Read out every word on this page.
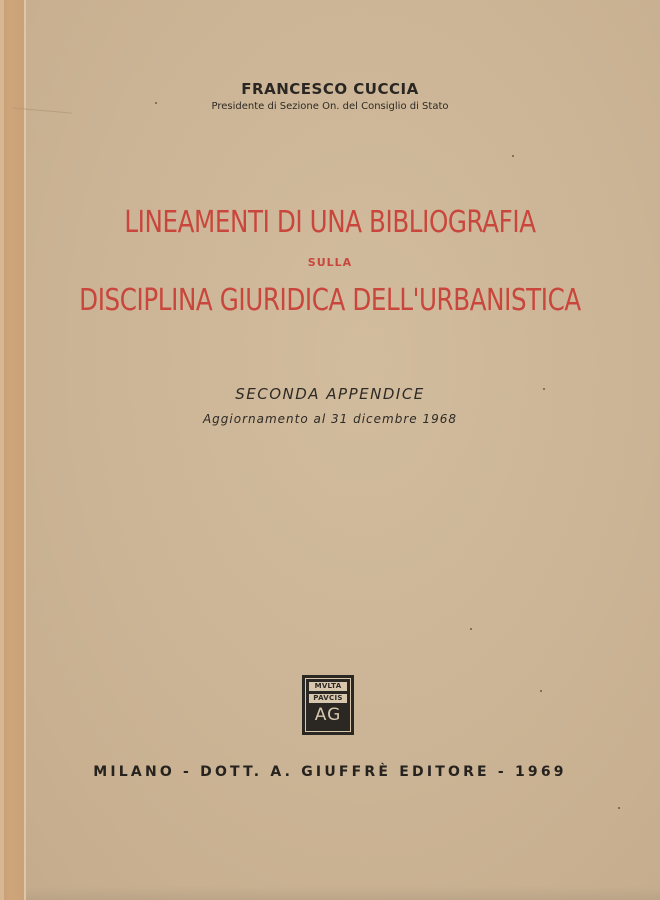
FRANCESCO CUCCIA
Presidente di Sezione On. del Consiglio di Stato
LINEAMENTI DI UNA BIBLIOGRAFIA
SULLA
DISCIPLINA GIURIDICA DELL'URBANISTICA
SECONDA APPENDICE
Aggiornamento al 31 dicembre 1968
MVLTA
PAVCIS
AG
MILANO - DOTT. A. GIUFFRÈ EDITORE - 1969
